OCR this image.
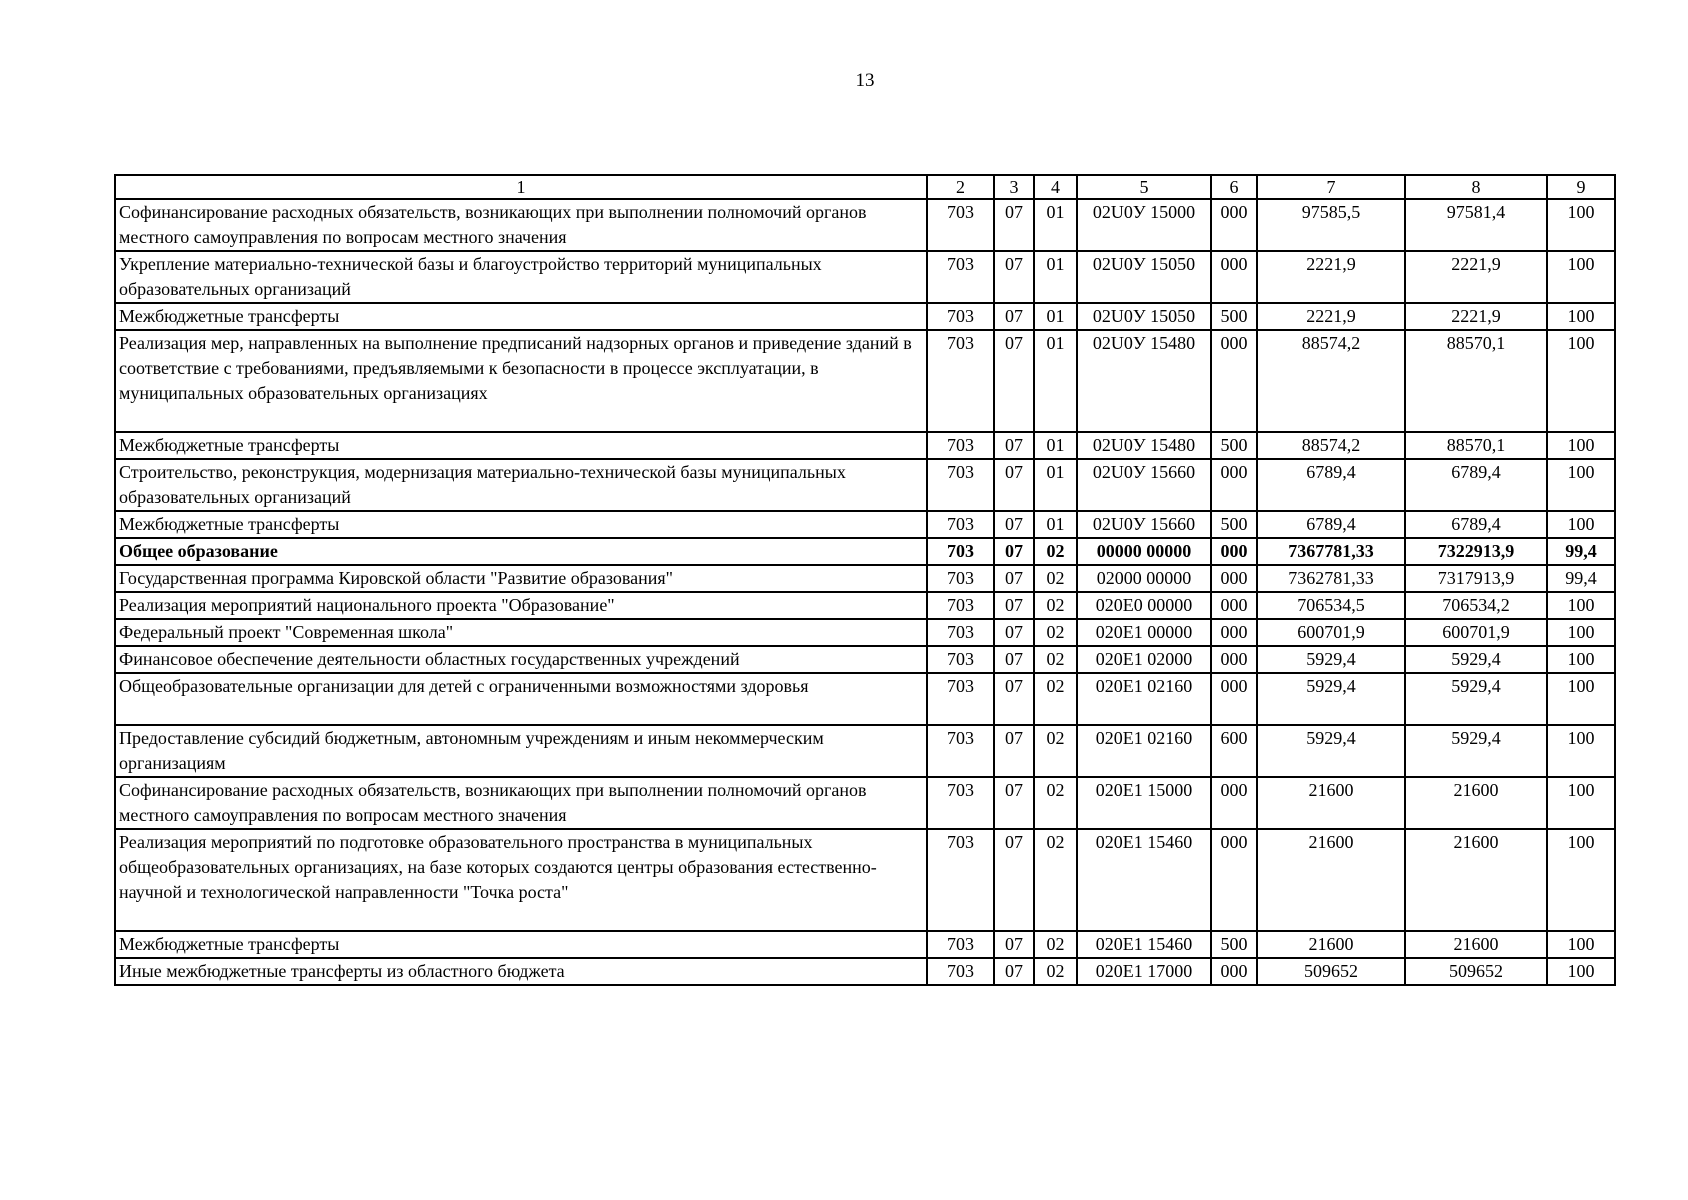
13
1	2	3	4	5	6	7	8	9
Софинансирование расходных обязательств, возникающих при выполнении полномочий органов местного самоуправления по вопросам местного значения	703	07	01	02U0У 15000	000	97585,5	97581,4	100
Укрепление материально-технической базы и благоустройство территорий муниципальных образовательных организаций	703	07	01	02U0У 15050	000	2221,9	2221,9	100
Межбюджетные трансферты	703	07	01	02U0У 15050	500	2221,9	2221,9	100
Реализация мер, направленных на выполнение предписаний надзорных органов и приведение зданий в соответствие с требованиями, предъявляемыми к безопасности в процессе эксплуатации, в муниципальных образовательных организациях	703	07	01	02U0У 15480	000	88574,2	88570,1	100
Межбюджетные трансферты	703	07	01	02U0У 15480	500	88574,2	88570,1	100
Строительство, реконструкция, модернизация материально-технической базы муниципальных образовательных организаций	703	07	01	02U0У 15660	000	6789,4	6789,4	100
Межбюджетные трансферты	703	07	01	02U0У 15660	500	6789,4	6789,4	100
Общее образование	703	07	02	00000 00000	000	7367781,33	7322913,9	99,4
Государственная программа Кировской области "Развитие образования"	703	07	02	02000 00000	000	7362781,33	7317913,9	99,4
Реализация мероприятий национального проекта "Образование"	703	07	02	020E0 00000	000	706534,5	706534,2	100
Федеральный проект "Современная школа"	703	07	02	020E1 00000	000	600701,9	600701,9	100
Финансовое обеспечение деятельности областных государственных учреждений	703	07	02	020E1 02000	000	5929,4	5929,4	100
Общеобразовательные организации для детей с ограниченными возможностями здоровья	703	07	02	020E1 02160	000	5929,4	5929,4	100
Предоставление субсидий бюджетным, автономным учреждениям и иным некоммерческим организациям	703	07	02	020E1 02160	600	5929,4	5929,4	100
Софинансирование расходных обязательств, возникающих при выполнении полномочий органов местного самоуправления по вопросам местного значения	703	07	02	020E1 15000	000	21600	21600	100
Реализация мероприятий по подготовке образовательного пространства в муниципальных общеобразовательных организациях, на базе которых создаются центры образования естественно-научной и технологической направленности "Точка роста"	703	07	02	020E1 15460	000	21600	21600	100
Межбюджетные трансферты	703	07	02	020E1 15460	500	21600	21600	100
Иные межбюджетные трансферты из областного бюджета	703	07	02	020E1 17000	000	509652	509652	100
